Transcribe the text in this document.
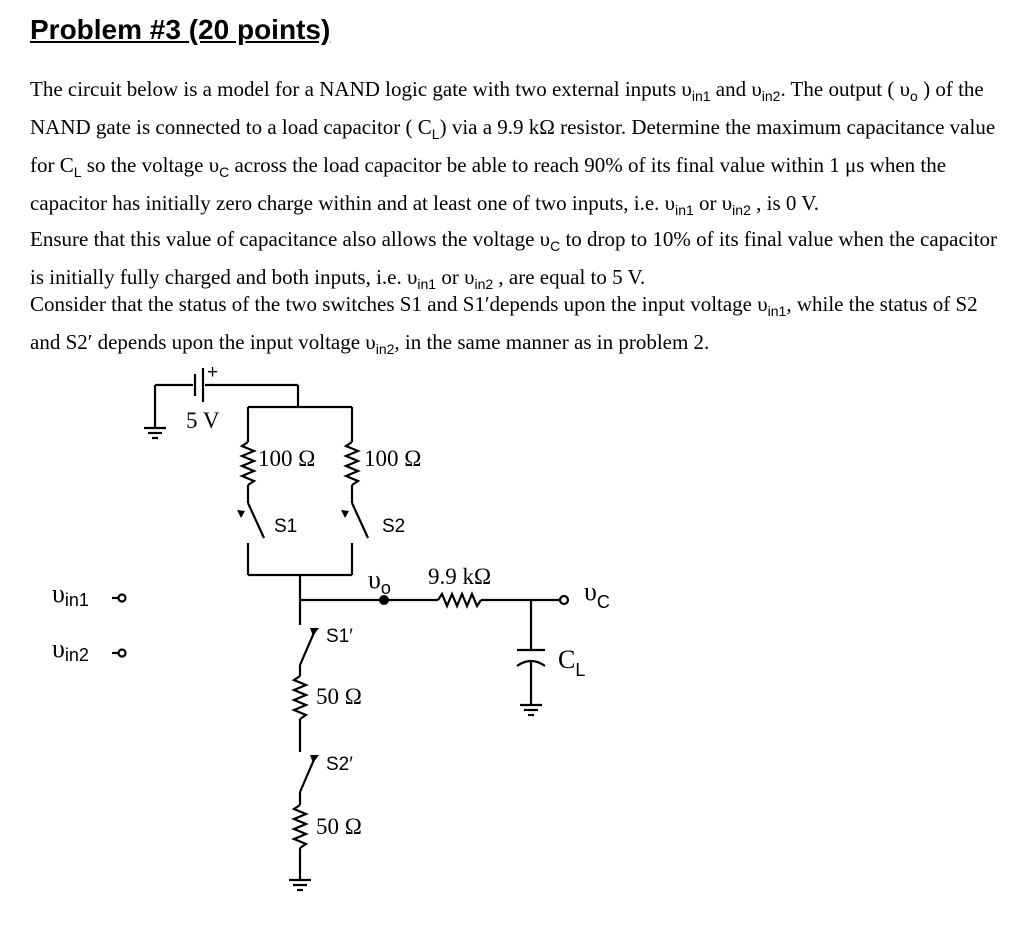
Problem #3 (20 points)
The circuit below is a model for a NAND logic gate with two external inputs $\upsilon_{in1}$ and $\upsilon_{in2}$. The output ( $\upsilon_o$ ) of the NAND gate is connected to a load capacitor ( $C_L$) via a 9.9 kΩ resistor. Determine the maximum capacitance value for $C_L$ so the voltage $\upsilon_C$ across the load capacitor be able to reach 90% of its final value within 1 μs when the capacitor has initially zero charge within and at least one of two inputs, i.e. $\upsilon_{in1}$ or $\upsilon_{in2}$ , is 0 V.
Ensure that this value of capacitance also allows the voltage $\upsilon_C$ to drop to 10% of its final value when the capacitor is initially fully charged and both inputs, i.e. $\upsilon_{in1}$ or $\upsilon_{in2}$ , are equal to 5 V.
Consider that the status of the two switches S1 and S1′depends upon the input voltage $\upsilon_{in1}$, while the status of S2 and S2′ depends upon the input voltage $\upsilon_{in2}$, in the same manner as in problem 2.
+
5 V
100 Ω 100 Ω
S1	S2
υo 9.9 kΩ
υC
S1′
50 Ω
S2′
50 Ω
CL
υin1
υin2
